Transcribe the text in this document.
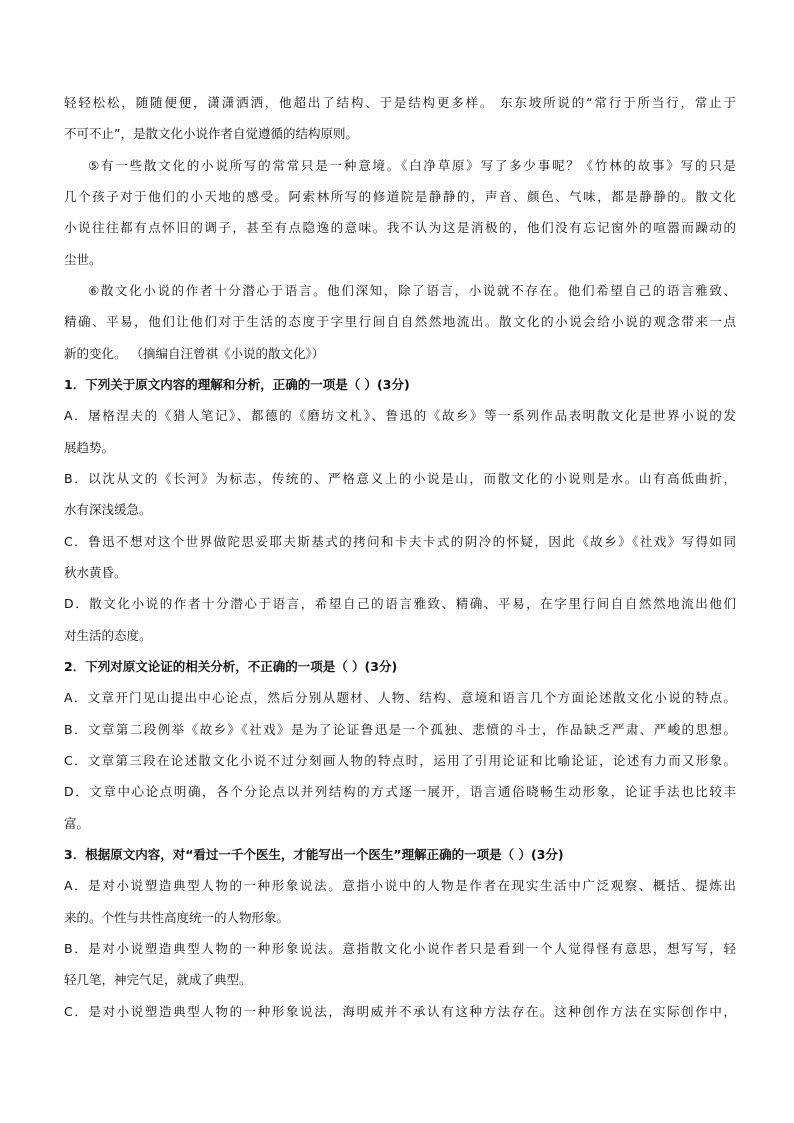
轻轻松松，随随便便，潇潇洒洒，他超出了结构、于是结构更多样。 东东坡所说的“常行于所当行，常止于
不可不止”，是散文化小说作者自觉遵循的结构原则。
⑤有一些散文化的小说所写的常常只是一种意境。《白净草原》写了多少事呢？《竹林的故事》写的只是
几个孩子对于他们的小天地的感受。阿索林所写的修道院是静静的，声音、颜色、气味，都是静静的。散文化
小说往往都有点怀旧的调子，甚至有点隐逸的意味。我不认为这是消极的，他们没有忘记窗外的喧嚣而躁动的
尘世。
⑥散文化小说的作者十分潜心于语言。他们深知，除了语言，小说就不存在。他们希望自己的语言雅致、
精确、平易，他们让他们对于生活的态度于字里行间自自然然地流出。散文化的小说会给小说的观念带来一点
新的变化。 （摘编自汪曾祺《小说的散文化》）
1．下列关于原文内容的理解和分析，正确的一项是（ ）(3分)
A．屠格涅夫的《猎人笔记》、都德的《磨坊文札》、鲁迅的《故乡》等一系列作品表明散文化是世界小说的发
展趋势。
B．以沈从文的《长河》为标志，传统的、严格意义上的小说是山，而散文化的小说则是水。山有高低曲折，
水有深浅缓急。
C．鲁迅不想对这个世界做陀思妥耶夫斯基式的拷问和卡夫卡式的阴冷的怀疑，因此《故乡》《社戏》写得如同
秋水黄昏。
D．散文化小说的作者十分潜心于语言，希望自己的语言雅致、精确、平易，在字里行间自自然然地流出他们
对生活的态度。
2．下列对原文论证的相关分析，不正确的一项是（ ）(3分)
A．文章开门见山提出中心论点，然后分别从题材、人物、结构、意境和语言几个方面论述散文化小说的特点。
B．文章第二段例举《故乡》《社戏》是为了论证鲁迅是一个孤独、悲愤的斗士，作品缺乏严肃、严峻的思想。
C．文章第三段在论述散文化小说不过分刻画人物的特点时，运用了引用论证和比喻论证，论述有力而又形象。
D．文章中心论点明确，各个分论点以并列结构的方式逐一展开，语言通俗晓畅生动形象，论证手法也比较丰
富。
3．根据原文内容，对“看过一千个医生，才能写出一个医生”理解正确的一项是（ ）(3分)
A．是对小说塑造典型人物的一种形象说法。意指小说中的人物是作者在现实生活中广泛观察、概括、提炼出
来的。个性与共性高度统一的人物形象。
B．是对小说塑造典型人物的一种形象说法。意指散文化小说作者只是看到一个人觉得怪有意思，想写写，轻
轻几笔，神完气足，就成了典型。
C．是对小说塑造典型人物的一种形象说法，海明威并不承认有这种方法存在。这种创作方法在实际创作中，
